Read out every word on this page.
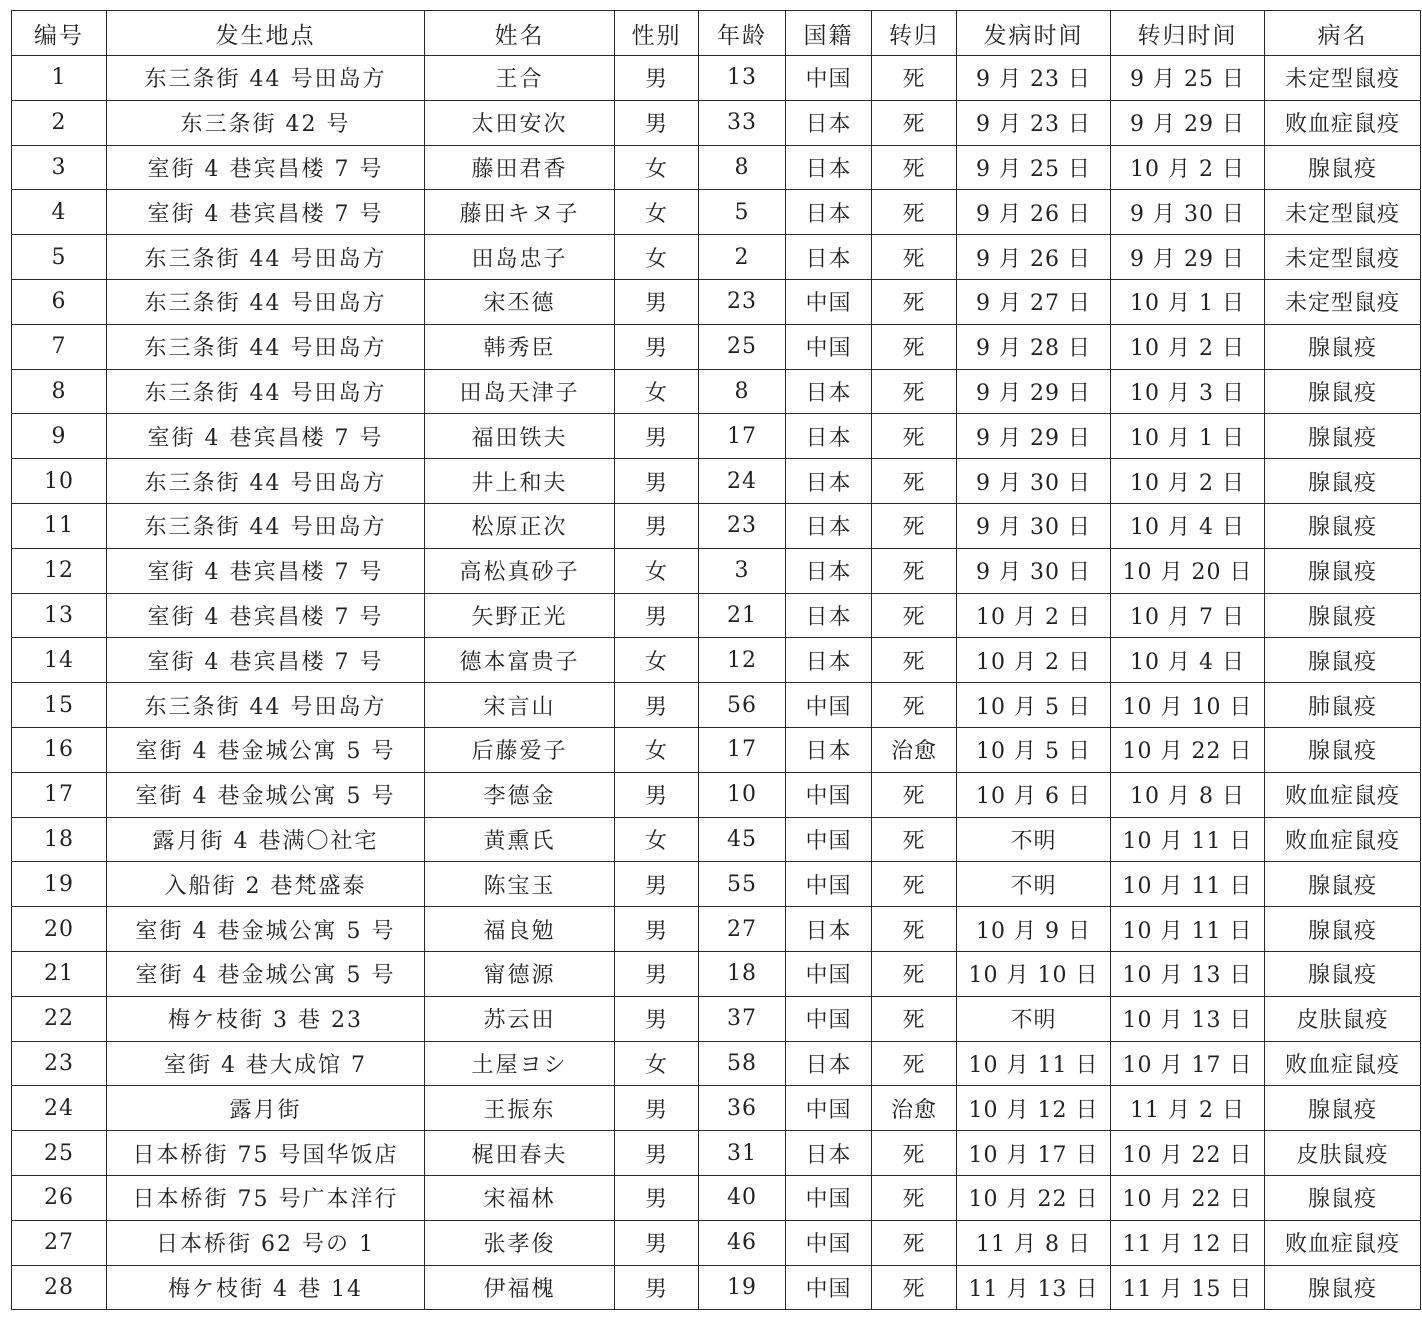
编号	发生地点	姓名	性别	年龄	国籍	转归	发病时间	转归时间	病名
1	东三条街 44 号田岛方	王合	男	13	中国	死	9 月 23 日	9 月 25 日	未定型鼠疫
2	东三条街 42 号	太田安次	男	33	日本	死	9 月 23 日	9 月 29 日	败血症鼠疫
3	室街 4 巷宾昌楼 7 号	藤田君香	女	8	日本	死	9 月 25 日	10 月 2 日	腺鼠疫
4	室街 4 巷宾昌楼 7 号	藤田キヌ子	女	5	日本	死	9 月 26 日	9 月 30 日	未定型鼠疫
5	东三条街 44 号田岛方	田岛忠子	女	2	日本	死	9 月 26 日	9 月 29 日	未定型鼠疫
6	东三条街 44 号田岛方	宋丕德	男	23	中国	死	9 月 27 日	10 月 1 日	未定型鼠疫
7	东三条街 44 号田岛方	韩秀臣	男	25	中国	死	9 月 28 日	10 月 2 日	腺鼠疫
8	东三条街 44 号田岛方	田岛天津子	女	8	日本	死	9 月 29 日	10 月 3 日	腺鼠疫
9	室街 4 巷宾昌楼 7 号	福田铁夫	男	17	日本	死	9 月 29 日	10 月 1 日	腺鼠疫
10	东三条街 44 号田岛方	井上和夫	男	24	日本	死	9 月 30 日	10 月 2 日	腺鼠疫
11	东三条街 44 号田岛方	松原正次	男	23	日本	死	9 月 30 日	10 月 4 日	腺鼠疫
12	室街 4 巷宾昌楼 7 号	高松真砂子	女	3	日本	死	9 月 30 日	10 月 20 日	腺鼠疫
13	室街 4 巷宾昌楼 7 号	矢野正光	男	21	日本	死	10 月 2 日	10 月 7 日	腺鼠疫
14	室街 4 巷宾昌楼 7 号	德本富贵子	女	12	日本	死	10 月 2 日	10 月 4 日	腺鼠疫
15	东三条街 44 号田岛方	宋言山	男	56	中国	死	10 月 5 日	10 月 10 日	肺鼠疫
16	室街 4 巷金城公寓 5 号	后藤爱子	女	17	日本	治愈	10 月 5 日	10 月 22 日	腺鼠疫
17	室街 4 巷金城公寓 5 号	李德金	男	10	中国	死	10 月 6 日	10 月 8 日	败血症鼠疫
18	露月街 4 巷满〇社宅	黄熏氏	女	45	中国	死	不明	10 月 11 日	败血症鼠疫
19	入船街 2 巷梵盛泰	陈宝玉	男	55	中国	死	不明	10 月 11 日	腺鼠疫
20	室街 4 巷金城公寓 5 号	福良勉	男	27	日本	死	10 月 9 日	10 月 11 日	腺鼠疫
21	室街 4 巷金城公寓 5 号	甯德源	男	18	中国	死	10 月 10 日	10 月 13 日	腺鼠疫
22	梅ケ枝街 3 巷 23	苏云田	男	37	中国	死	不明	10 月 13 日	皮肤鼠疫
23	室街 4 巷大成馆 7	土屋ヨシ	女	58	日本	死	10 月 11 日	10 月 17 日	败血症鼠疫
24	露月街	王振东	男	36	中国	治愈	10 月 12 日	11 月 2 日	腺鼠疫
25	日本桥街 75 号国华饭店	梶田春夫	男	31	日本	死	10 月 17 日	10 月 22 日	皮肤鼠疫
26	日本桥街 75 号广本洋行	宋福林	男	40	中国	死	10 月 22 日	10 月 22 日	腺鼠疫
27	日本桥街 62 号の 1	张孝俊	男	46	中国	死	11 月 8 日	11 月 12 日	败血症鼠疫
28	梅ケ枝街 4 巷 14	伊福槐	男	19	中国	死	11 月 13 日	11 月 15 日	腺鼠疫
